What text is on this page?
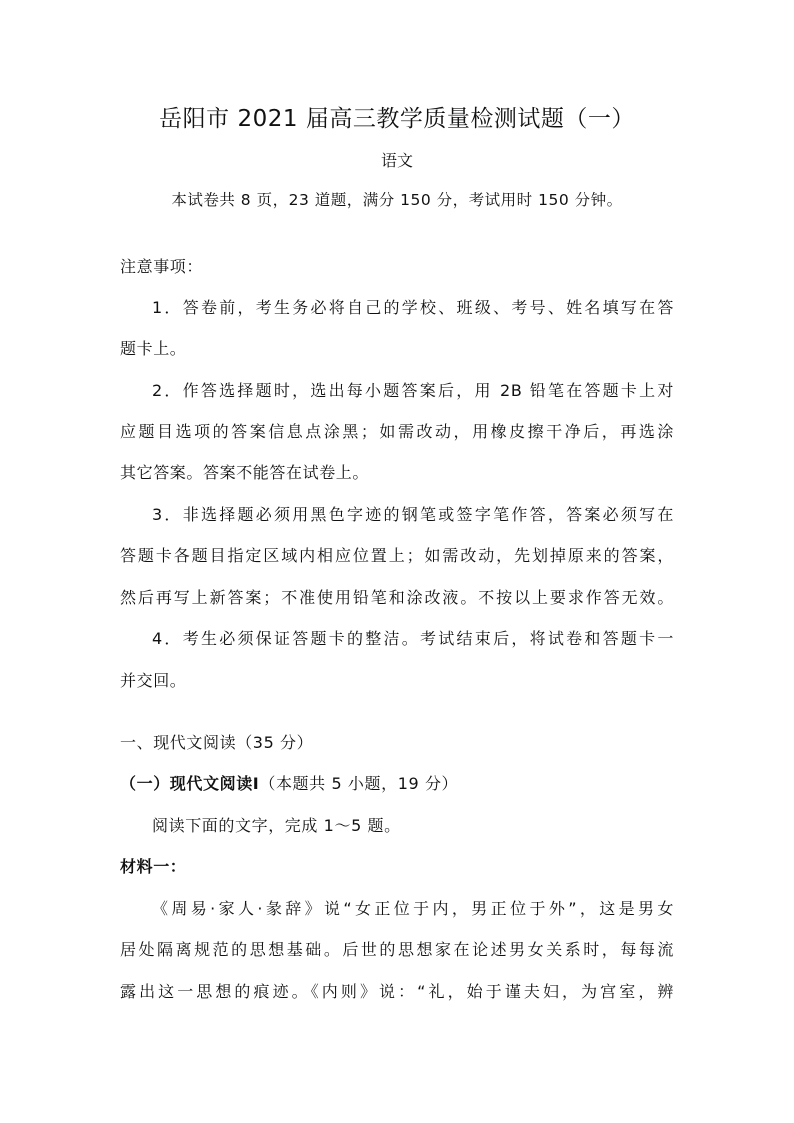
岳阳市 2021 届高三教学质量检测试题（一）
语文
本试卷共 8 页，23 道题，满分 150 分，考试用时 150 分钟。
注意事项：
1．答卷前，考生务必将自己的学校、班级、考号、姓名填写在答
题卡上。
2．作答选择题时，选出每小题答案后，用 2B 铅笔在答题卡上对
应题目选项的答案信息点涂黑；如需改动，用橡皮擦干净后，再选涂
其它答案。答案不能答在试卷上。
3．非选择题必须用黑色字迹的钢笔或签字笔作答，答案必须写在
答题卡各题目指定区域内相应位置上；如需改动，先划掉原来的答案，
然后再写上新答案；不准使用铅笔和涂改液。不按以上要求作答无效。
4．考生必须保证答题卡的整洁。考试结束后，将试卷和答题卡一
并交回。
一、现代文阅读（35 分）
（一）现代文阅读Ⅰ（本题共 5 小题，19 分）
阅读下面的文字，完成 1～5 题。
材料一：
《周易·家人·彖辞》说“女正位于内，男正位于外”，这是男女
居处隔离规范的思想基础。后世的思想家在论述男女关系时，每每流
露出这一思想的痕迹。《内则》说：“礼，始于谨夫妇，为宫室，辨
